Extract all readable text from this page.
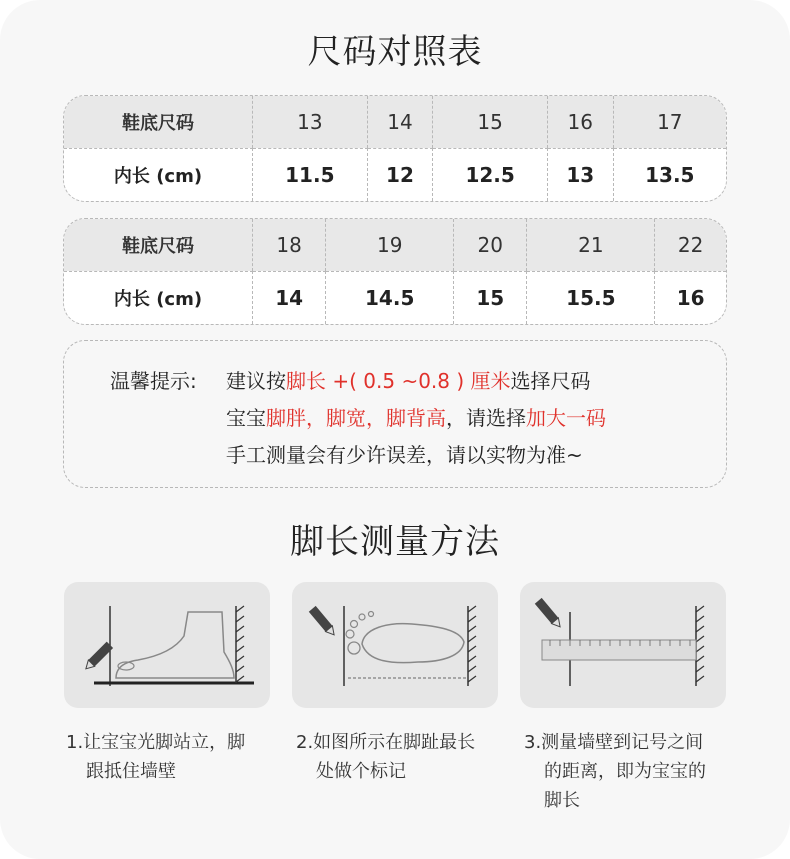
尺码对照表
鞋底尺码	13	14	15	16	17
内长 (cm)	11.5	12	12.5	13	13.5
鞋底尺码	18	19	20	21	22
内长 (cm)	14	14.5	15	15.5	16
温馨提示: 建议按脚长 +( 0.5 ~0.8 ) 厘米选择尺码
宝宝脚胖，脚宽，脚背高，请选择加大一码
手工测量会有少许误差，请以实物为准~
脚长测量方法
1.让宝宝光脚站立，脚
跟抵住墙壁
2.如图所示在脚趾最长
处做个标记
3.测量墙壁到记号之间
的距离，即为宝宝的
脚长
